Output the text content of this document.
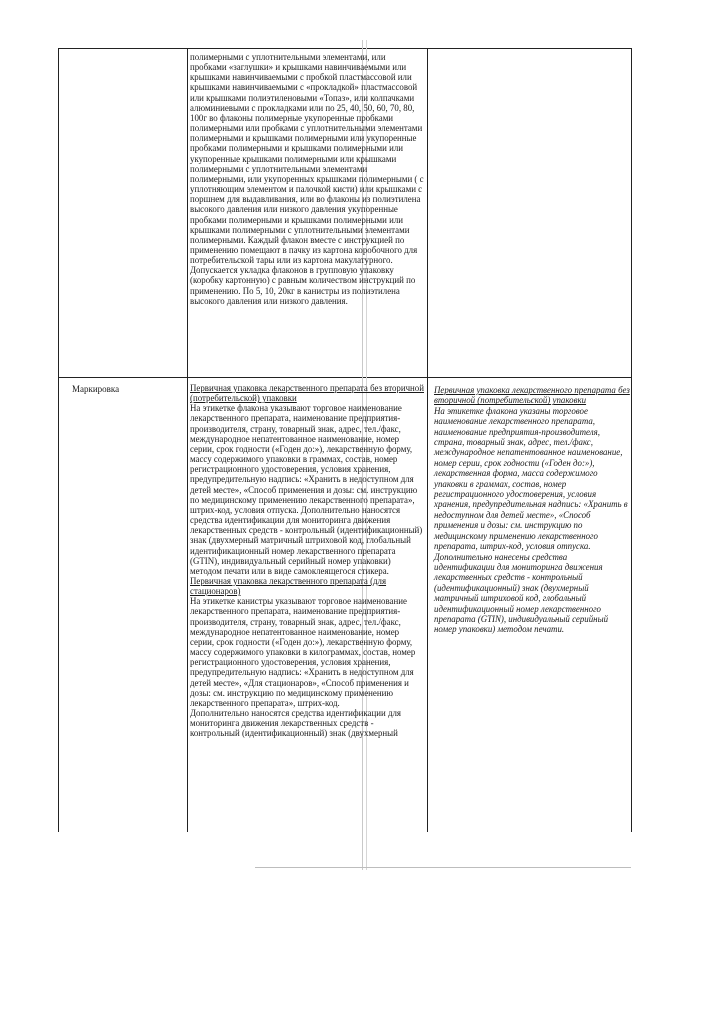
полимерными с уплотнительными элементами, или пробками «заглушки» и крышками навинчиваемыми или крышками навинчиваемыми с пробкой пластмассовой или крышками навинчиваемыми с «прокладкой» пластмассовой или крышками полиэтиленовыми «Топаз», или колпачками алюминиевыми с прокладками или по 25, 40, 50, 60, 70, 80, 100г во флаконы полимерные укупоренные пробками полимерными или пробками с уплотнительными элементами полимерными и крышками полимерными или укупоренные пробками полимерными и крышками полимерными или укупоренные крышками полимерными или крышками полимерными с уплотнительными элементами полимерными, или укупоренных крышками полимерными ( с уплотняющим элементом и палочкой кисти) или крышками с поршнем для выдавливания, или во флаконы из полиэтилена высокого давления или низкого давления укупоренные пробками полимерными и крышками полимерными или крышками полимерными с уплотнительными элементами полимерными. Каждый флакон вместе с инструкцией по применению помещают в пачку из картона коробочного для потребительской тары или из картона макулатурного. Допускается укладка флаконов в групповую упаковку (коробку картонную) с равным количеством инструкций по применению. По 5, 10, 20кг в канистры из полиэтилена высокого давления или низкого давления.

Маркировка	Первичная упаковка лекарственного препарата без вторичной (потребительской) упаковки

На этикетке флакона указывают торговое наименование лекарственного препарата, наименование предприятия-производителя, страну, товарный знак, адрес, тел./факс, международное непатентованное наименование, номер серии, срок годности («Годен до:»), лекарственную форму, массу содержимого упаковки в граммах, состав, номер регистрационного удостоверения, условия хранения, предупредительную надпись: «Хранить в недоступном для детей месте», «Способ применения и дозы: см. инструкцию по медицинскому применению лекарственного препарата», штрих-код, условия отпуска. Дополнительно наносятся средства идентификации для мониторинга движения лекарственных средств - контрольный (идентификационный) знак (двухмерный матричный штриховой код, глобальный идентификационный номер лекарственного препарата (GTIN), индивидуальный серийный номер упаковки) методом печати или в виде самоклеящегося стикера.

Первичная упаковка лекарственного препарата (для стационаров)

На этикетке канистры указывают торговое наименование лекарственного препарата, наименование предприятия- производителя, страну, товарный знак, адрес, тел./факс, международное непатентованное наименование, номер серии, срок годности («Годен до:»), лекарственную форму, массу содержимого упаковки в килограммах, состав, номер регистрационного удостоверения, условия хранения, предупредительную надпись: «Хранить в недоступном для детей месте», «Для стационаров», «Способ применения и дозы: см. инструкцию по медицинскому применению лекарственного препарата», штрих-код.

Дополнительно наносятся средства идентификации для мониторинга движения лекарственных средств - контрольный (идентификационный) знак (двухмерный

Первичная упаковка лекарственного препарата без вторичной (потребительской) упаковки

На этикетке флакона указаны торговое наименование лекарственного препарата, наименование предприятия-производителя, страна, товарный знак, адрес, тел./факс, международное непатентованное наименование, номер серии, срок годности («Годен до:»), лекарственная форма, масса содержимого упаковки в граммах, состав, номер регистрационного удостоверения, условия хранения, предупредительная надпись: «Хранить в недоступном для детей месте», «Способ применения и дозы: см. инструкцию по медицинскому применению лекарственного препарата, штрих-код, условия отпуска.

Дополнительно нанесены средства идентификации для мониторинга движения лекарственных средств - контрольный (идентификационный) знак (двухмерный матричный штриховой код, глобальный идентификационный номер лекарственного препарата (GTIN), индивидуальный серийный номер упаковки) методом печати.
